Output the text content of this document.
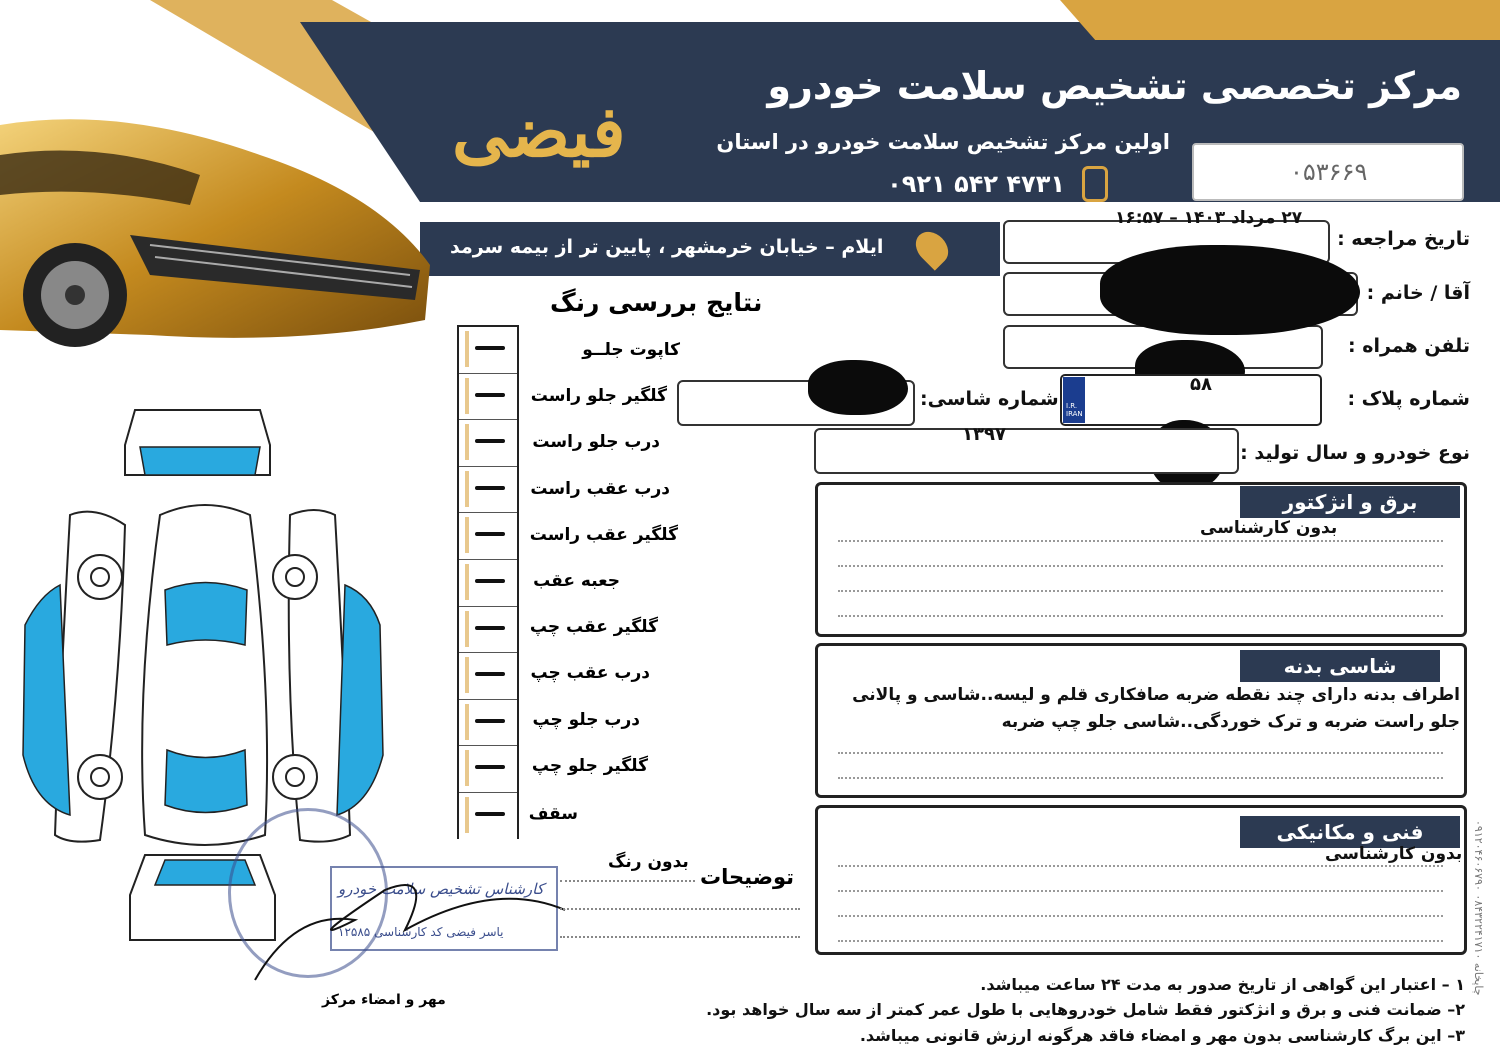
فیضی
مرکز تخصصی تشخیص سلامت خودرو
اولین مرکز تشخیص سلامت خودرو در استان
۰۹۲۱ ۵۴۲ ۴۷۳۱
ایلام – خیابان خرمشهر ، پایین تر از بیمه سرمد
۰۵۳۶۶۹
تاریخ مراجعه :
۲۷ مرداد ۱۴۰۳ – ۱۶:۵۷
آقا / خانم :
تلفن همراه :
شماره پلاک :
I.R. IRAN
۵۸
شماره شاسی:
نوع خودرو و سال تولید :
۱۳۹۷
برق و انژکتور
بدون کارشناسی
شاسی بدنه
اطراف بدنه دارای چند نقطه ضربه صافکاری قلم و لیسه..شاسی و پالانی جلو راست ضربه و ترک خوردگی..شاسی جلو چپ ضربه
فنی و مکانیکی
بدون کارشناسی
نتایج بررسی رنگ
کاپوت جلــو
گلگیر جلو راست
درب جلو راست
درب عقب راست
گلگیر عقب راست
جعبه عقب
گلگیر عقب چپ
درب عقب چپ
درب جلو چپ
گلگیر جلو چپ
سقف
کارشناس تشخیص سلامت خودرو
یاسر فیضی کد کارشناسی ۱۲۵۸۵
توضیحات
بدون رنگ
مهر و امضاء مرکز
۱ – اعتبار این گواهی از تاریخ صدور به مدت ۲۴ ساعت میباشد.
۲– ضمانت فنی و برق و انژکتور فقط شامل خودروهایی با طول عمر کمتر از سه سال خواهد بود.
۳– این برگ کارشناسی بدون مهر و امضاء فاقد هرگونه ارزش قانونی میباشد.
۰۹۱۲۰۴۶۰۶۷۹۰ چاپخانه ۰۸۴۳۲۲۴۱۷۱۰
